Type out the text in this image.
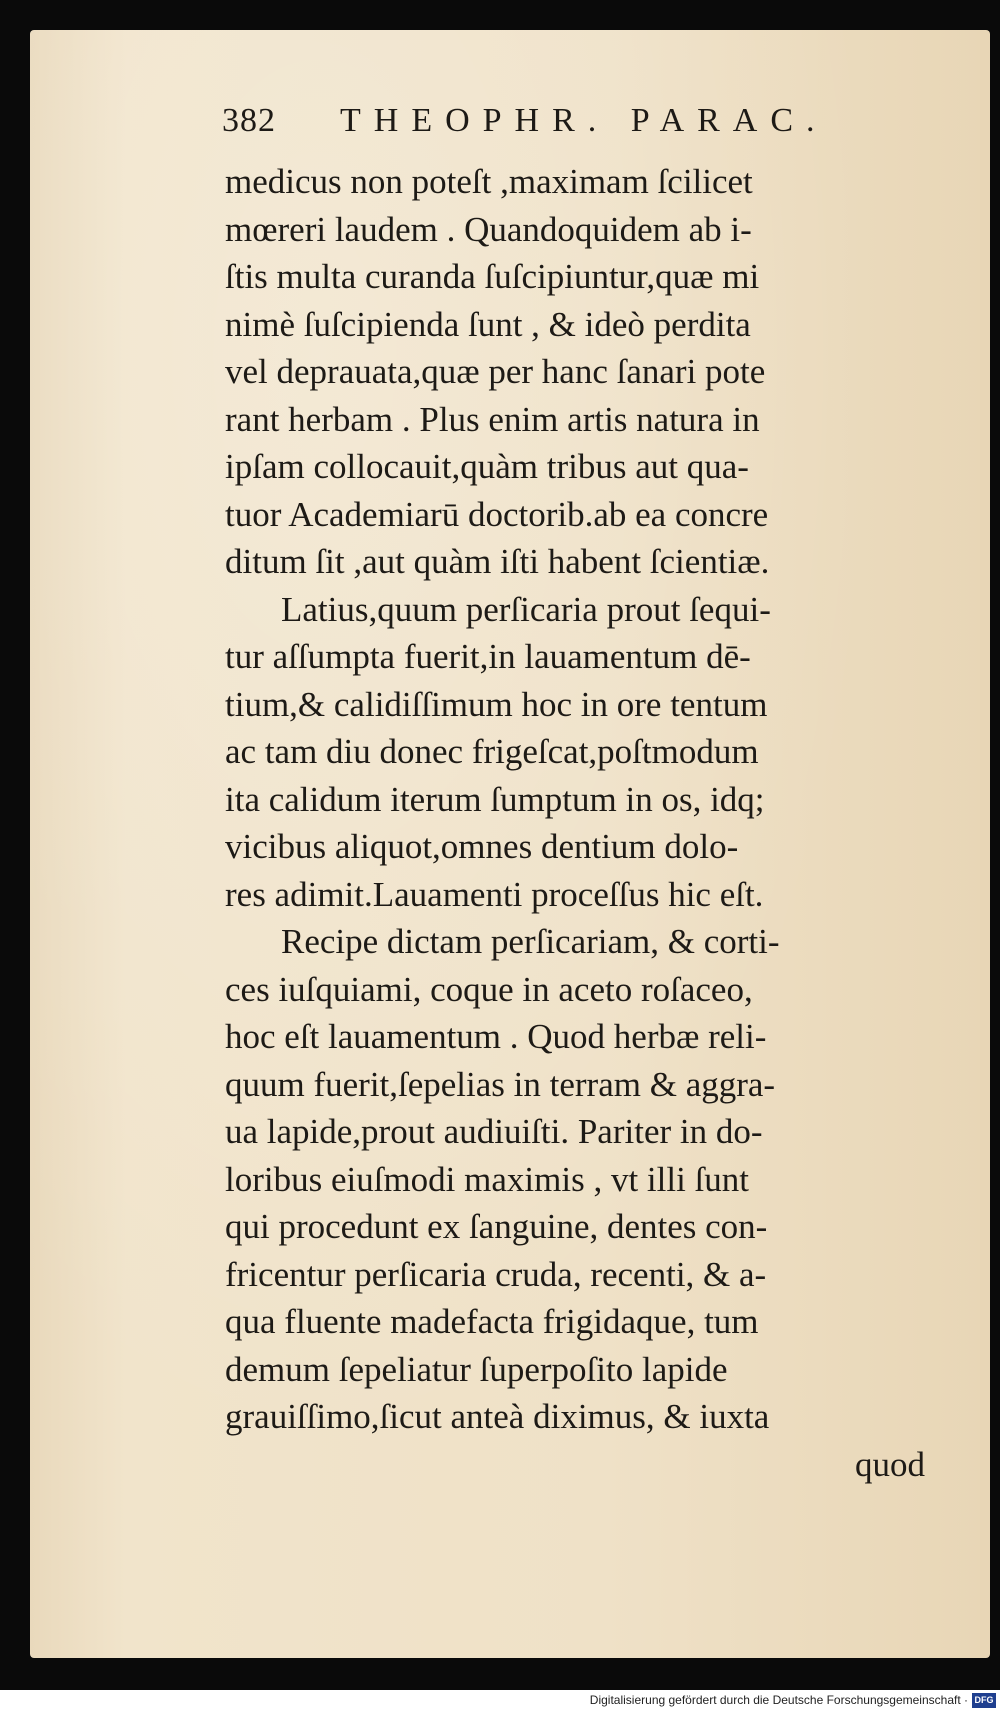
382 THEOPHR. PARAC.
medicus non poteſt ,maximam ſcilicet
mœreri laudem . Quandoquidem ab i-
ſtis multa curanda ſuſcipiuntur,quæ mi
nimè ſuſcipienda ſunt , & ideò perdita
vel deprauata,quæ per hanc ſanari pote
rant herbam . Plus enim artis natura in
ipſam collocauit,quàm tribus aut qua-
tuor Academiarū doctorib.ab ea concre
ditum ſit ,aut quàm iſti habent ſcientiæ.
Latius,quum perſicaria prout ſequi-
tur aſſumpta fuerit,in lauamentum dē-
tium,& calidiſſimum hoc in ore tentum
ac tam diu donec frigeſcat,poſtmodum
ita calidum iterum ſumptum in os, idq;
vicibus aliquot,omnes dentium dolo-
res adimit.Lauamenti proceſſus hic eſt.
Recipe dictam perſicariam, & corti-
ces iuſquiami, coque in aceto roſaceo,
hoc eſt lauamentum . Quod herbæ reli-
quum fuerit,ſepelias in terram & aggra-
ua lapide,prout audiuiſti. Pariter in do-
loribus eiuſmodi maximis , vt illi ſunt
qui procedunt ex ſanguine, dentes con-
fricentur perſicaria cruda, recenti, & a-
qua fluente madefacta frigidaque, tum
demum ſepeliatur ſuperpoſito lapide
grauiſſimo,ſicut anteà diximus, & iuxta
quod
Digitalisierung gefördert durch die Deutsche Forschungsgemeinschaft · DFG
